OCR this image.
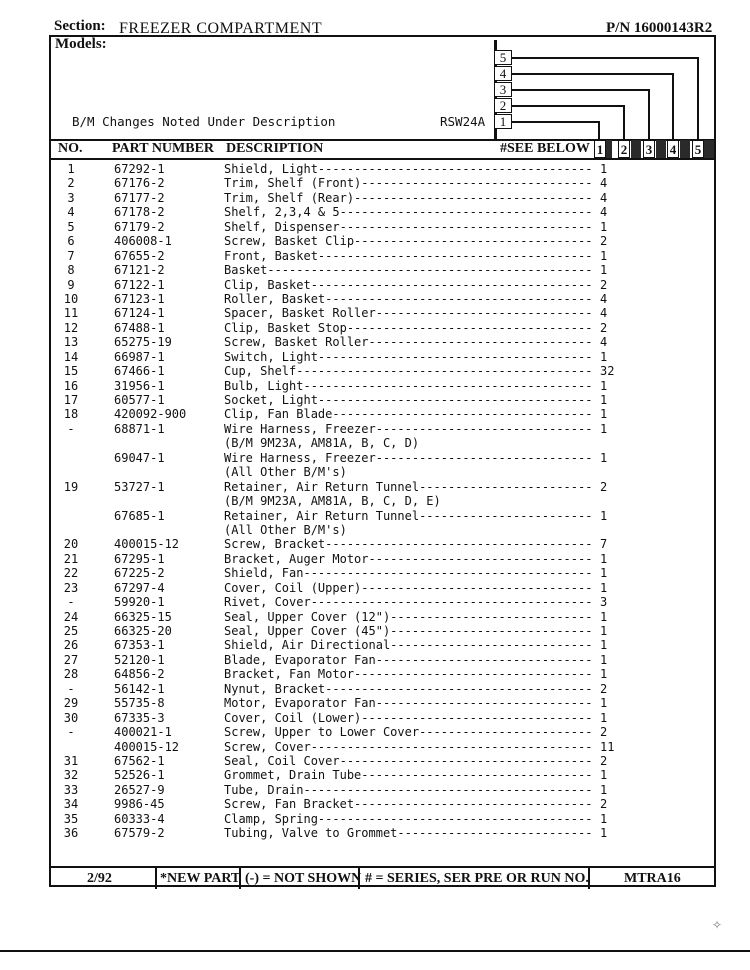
Section: FREEZER COMPARTMENT	P/N 16000143R2
Models:
B/M Changes Noted Under Description	RSW24A
5
4
3
2
1
NO. PART NUMBER DESCRIPTION	#SEE BELOW 1 2 3 4 5
1	67292-1	Shield, Light-------------------------------------- 1
2	67176-2	Trim, Shelf (Front)-------------------------------- 4
3	67177-2	Trim, Shelf (Rear)--------------------------------- 4
4	67178-2	Shelf, 2,3,4 & 5----------------------------------- 4
5	67179-2	Shelf, Dispenser----------------------------------- 1
6	406008-1	Screw, Basket Clip--------------------------------- 2
7	67655-2	Front, Basket-------------------------------------- 1
8	67121-2	Basket--------------------------------------------- 1
9	67122-1	Clip, Basket--------------------------------------- 2
10	67123-1	Roller, Basket------------------------------------- 4
11	67124-1	Spacer, Basket Roller------------------------------ 4
12	67488-1	Clip, Basket Stop---------------------------------- 2
13	65275-19	Screw, Basket Roller------------------------------- 4
14	66987-1	Switch, Light-------------------------------------- 1
15	67466-1	Cup, Shelf----------------------------------------- 32
16	31956-1	Bulb, Light---------------------------------------- 1
17	60577-1	Socket, Light-------------------------------------- 1
18	420092-900	Clip, Fan Blade------------------------------------ 1
-	68871-1	Wire Harness, Freezer------------------------------ 1
(B/M 9M23A, AM81A, B, C, D)
69047-1	Wire Harness, Freezer------------------------------ 1
(All Other B/M's)
19	53727-1	Retainer, Air Return Tunnel------------------------ 2
(B/M 9M23A, AM81A, B, C, D, E)
67685-1	Retainer, Air Return Tunnel------------------------ 1
(All Other B/M's)
20	400015-12	Screw, Bracket------------------------------------- 7
21	67295-1	Bracket, Auger Motor------------------------------- 1
22	67225-2	Shield, Fan---------------------------------------- 1
23	67297-4	Cover, Coil (Upper)-------------------------------- 1
-	59920-1	Rivet, Cover--------------------------------------- 3
24	66325-15	Seal, Upper Cover (12")---------------------------- 1
25	66325-20	Seal, Upper Cover (45")---------------------------- 1
26	67353-1	Shield, Air Directional---------------------------- 1
27	52120-1	Blade, Evaporator Fan------------------------------ 1
28	64856-2	Bracket, Fan Motor--------------------------------- 1
-	56142-1	Nynut, Bracket------------------------------------- 2
29	55735-8	Motor, Evaporator Fan------------------------------ 1
30	67335-3	Cover, Coil (Lower)-------------------------------- 1
-	400021-1	Screw, Upper to Lower Cover------------------------ 2
400015-12	Screw, Cover--------------------------------------- 11
31	67562-1	Seal, Coil Cover----------------------------------- 2
32	52526-1	Grommet, Drain Tube-------------------------------- 1
33	26527-9	Tube, Drain---------------------------------------- 1
34	9986-45	Screw, Fan Bracket--------------------------------- 2
35	60333-4	Clamp, Spring-------------------------------------- 1
36	67579-2	Tubing, Valve to Grommet--------------------------- 1
2/92	*NEW PART (-) = NOT SHOWN # = SERIES, SER PRE OR RUN NO.	MTRA16
✧
